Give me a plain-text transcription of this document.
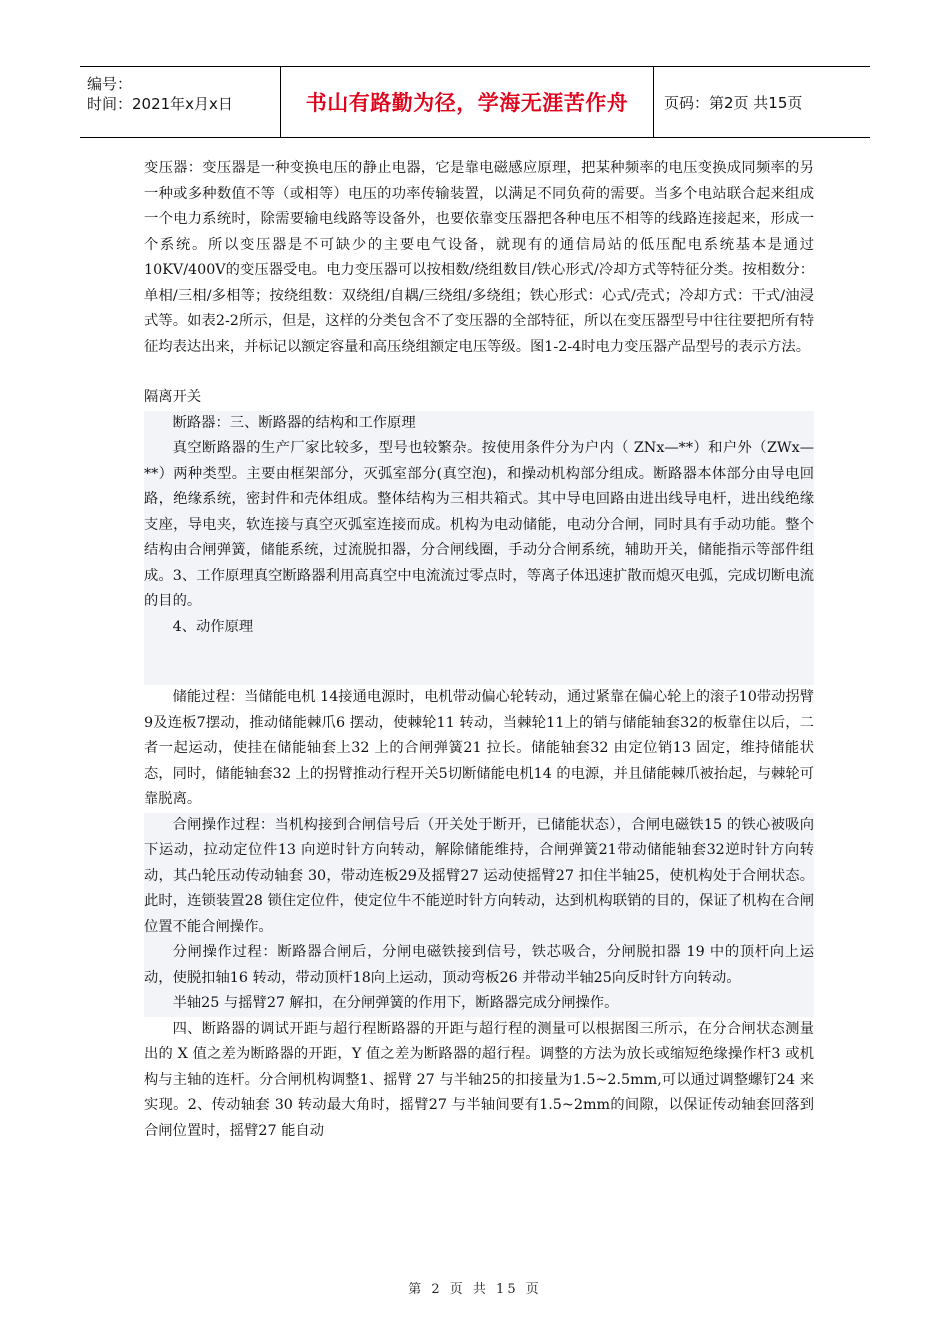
编号：
时间：2021年x月x日	书山有路勤为径，学海无涯苦作舟	页码：第2页 共15页

变压器：变压器是一种变换电压的静止电器，它是靠电磁感应原理，把某种频率的电压变换成同频率的另一种或多种数值不等（或相等）电压的功率传输装置，以满足不同负荷的需要。当多个电站联合起来组成一个电力系统时，除需要输电线路等设备外，也要依靠变压器把各种电压不相等的线路连接起来，形成一个系统。所以变压器是不可缺少的主要电气设备，就现有的通信局站的低压配电系统基本是通过10KV/400V的变压器受电。电力变压器可以按相数/绕组数目/铁心形式/冷却方式等特征分类。按相数分：单相/三相/多相等；按绕组数：双绕组/自耦/三绕组/多绕组；铁心形式：心式/壳式；冷却方式：干式/油浸式等。如表2-2所示，但是，这样的分类包含不了变压器的全部特征，所以在变压器型号中往往要把所有特征均表达出来，并标记以额定容量和高压绕组额定电压等级。图1-2-4时电力变压器产品型号的表示方法。

隔离开关

断路器：三、断路器的结构和工作原理

真空断路器的生产厂家比较多，型号也较繁杂。按使用条件分为户内（ ZNx—**）和户外（ZWx—**）两种类型。主要由框架部分，灭弧室部分(真空泡)，和操动机构部分组成。断路器本体部分由导电回路，绝缘系统，密封件和壳体组成。整体结构为三相共箱式。其中导电回路由进出线导电杆，进出线绝缘支座，导电夹，软连接与真空灭弧室连接而成。机构为电动储能，电动分合闸，同时具有手动功能。整个结构由合闸弹簧，储能系统，过流脱扣器，分合闸线圈，手动分合闸系统，辅助开关，储能指示等部件组成。3、工作原理真空断路器利用高真空中电流流过零点时，等离子体迅速扩散而熄灭电弧，完成切断电流的目的。

4、动作原理

储能过程：当储能电机 14接通电源时，电机带动偏心轮转动，通过紧靠在偏心轮上的滚子10带动拐臂9及连板7摆动，推动储能棘爪6 摆动，使棘轮11 转动，当棘轮11上的销与储能轴套32的板靠住以后，二者一起运动，使挂在储能轴套上32 上的合闸弹簧21 拉长。储能轴套32 由定位销13 固定，维持储能状态，同时，储能轴套32 上的拐臂推动行程开关5切断储能电机14 的电源，并且储能棘爪被抬起，与棘轮可靠脱离。

合闸操作过程：当机构接到合闸信号后（开关处于断开，已储能状态），合闸电磁铁15 的铁心被吸向下运动，拉动定位件13 向逆时针方向转动，解除储能维持，合闸弹簧21带动储能轴套32逆时针方向转动，其凸轮压动传动轴套 30，带动连板29及摇臂27 运动使摇臂27 扣住半轴25，使机构处于合闸状态。此时，连锁装置28 锁住定位件，使定位牛不能逆时针方向转动，达到机构联销的目的，保证了机构在合闸位置不能合闸操作。

分闸操作过程：断路器合闸后，分闸电磁铁接到信号，铁芯吸合，分闸脱扣器 19 中的顶杆向上运动，使脱扣轴16 转动，带动顶杆18向上运动，顶动弯板26 并带动半轴25向反时针方向转动。

半轴25 与摇臂27 解扣，在分闸弹簧的作用下，断路器完成分闸操作。

四、断路器的调试开距与超行程断路器的开距与超行程的测量可以根据图三所示，在分合闸状态测量出的 X 值之差为断路器的开距，Y 值之差为断路器的超行程。调整的方法为放长或缩短绝缘操作杆3 或机构与主轴的连杆。分合闸机构调整1、摇臂 27 与半轴25的扣接量为1.5~2.5mm,可以通过调整螺钉24 来实现。2、传动轴套 30 转动最大角时，摇臂27 与半轴间要有1.5~2mm的间隙，以保证传动轴套回落到合闸位置时，摇臂27 能自动

第 2 页 共 15 页
